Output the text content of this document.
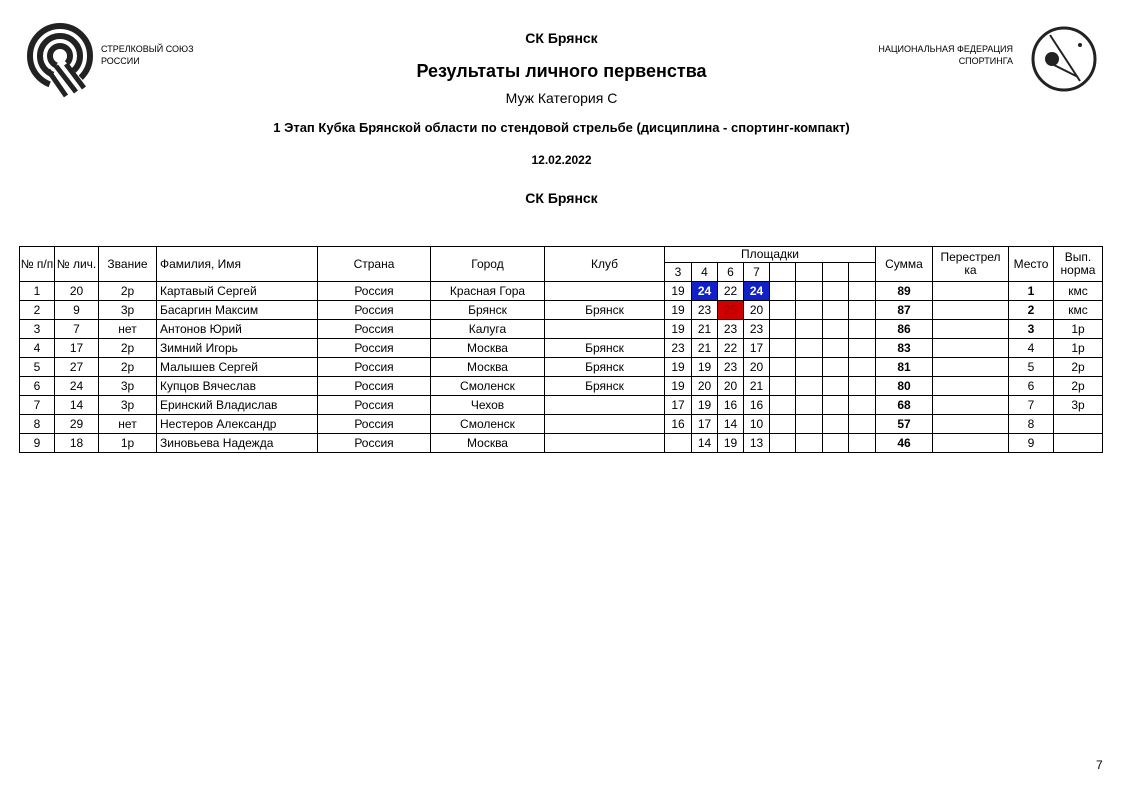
СТРЕЛКОВЫЙ СОЮЗ
РОССИИ
НАЦИОНАЛЬНАЯ ФЕДЕРАЦИЯ
СПОРТИНГА
СК Брянск
Результаты личного первенства
Муж Категория С
1 Этап Кубка Брянской области по стендовой стрельбе (дисциплина - спортинг-компакт)
12.02.2022
СК Брянск
№ п/п	№ лич.	Звание	Фамилия, Имя	Страна	Город	Клуб	Площадки								Сумма	Перестрел ка	Место	Вып. норма
							3	4	6	7								
1	20	2р	Картавый Сергей	Россия	Красная Гора		19	24	22	24					89		1	кмс
2	9	3р	Басаргин Максим	Россия	Брянск	Брянск	19	23	25	20					87		2	кмс
3	7	нет	Антонов Юрий	Россия	Калуга		19	21	23	23					86		3	1р
4	17	2р	Зимний Игорь	Россия	Москва	Брянск	23	21	22	17					83		4	1р
5	27	2р	Малышев Сергей	Россия	Москва	Брянск	19	19	23	20					81		5	2р
6	24	3р	Купцов Вячеслав	Россия	Смоленск	Брянск	19	20	20	21					80		6	2р
7	14	3р	Еринский Владислав	Россия	Чехов		17	19	16	16					68		7	3р
8	29	нет	Нестеров Александр	Россия	Смоленск		16	17	14	10					57		8	
9	18	1р	Зиновьева Надежда	Россия	Москва			14	19	13					46		9	
7
